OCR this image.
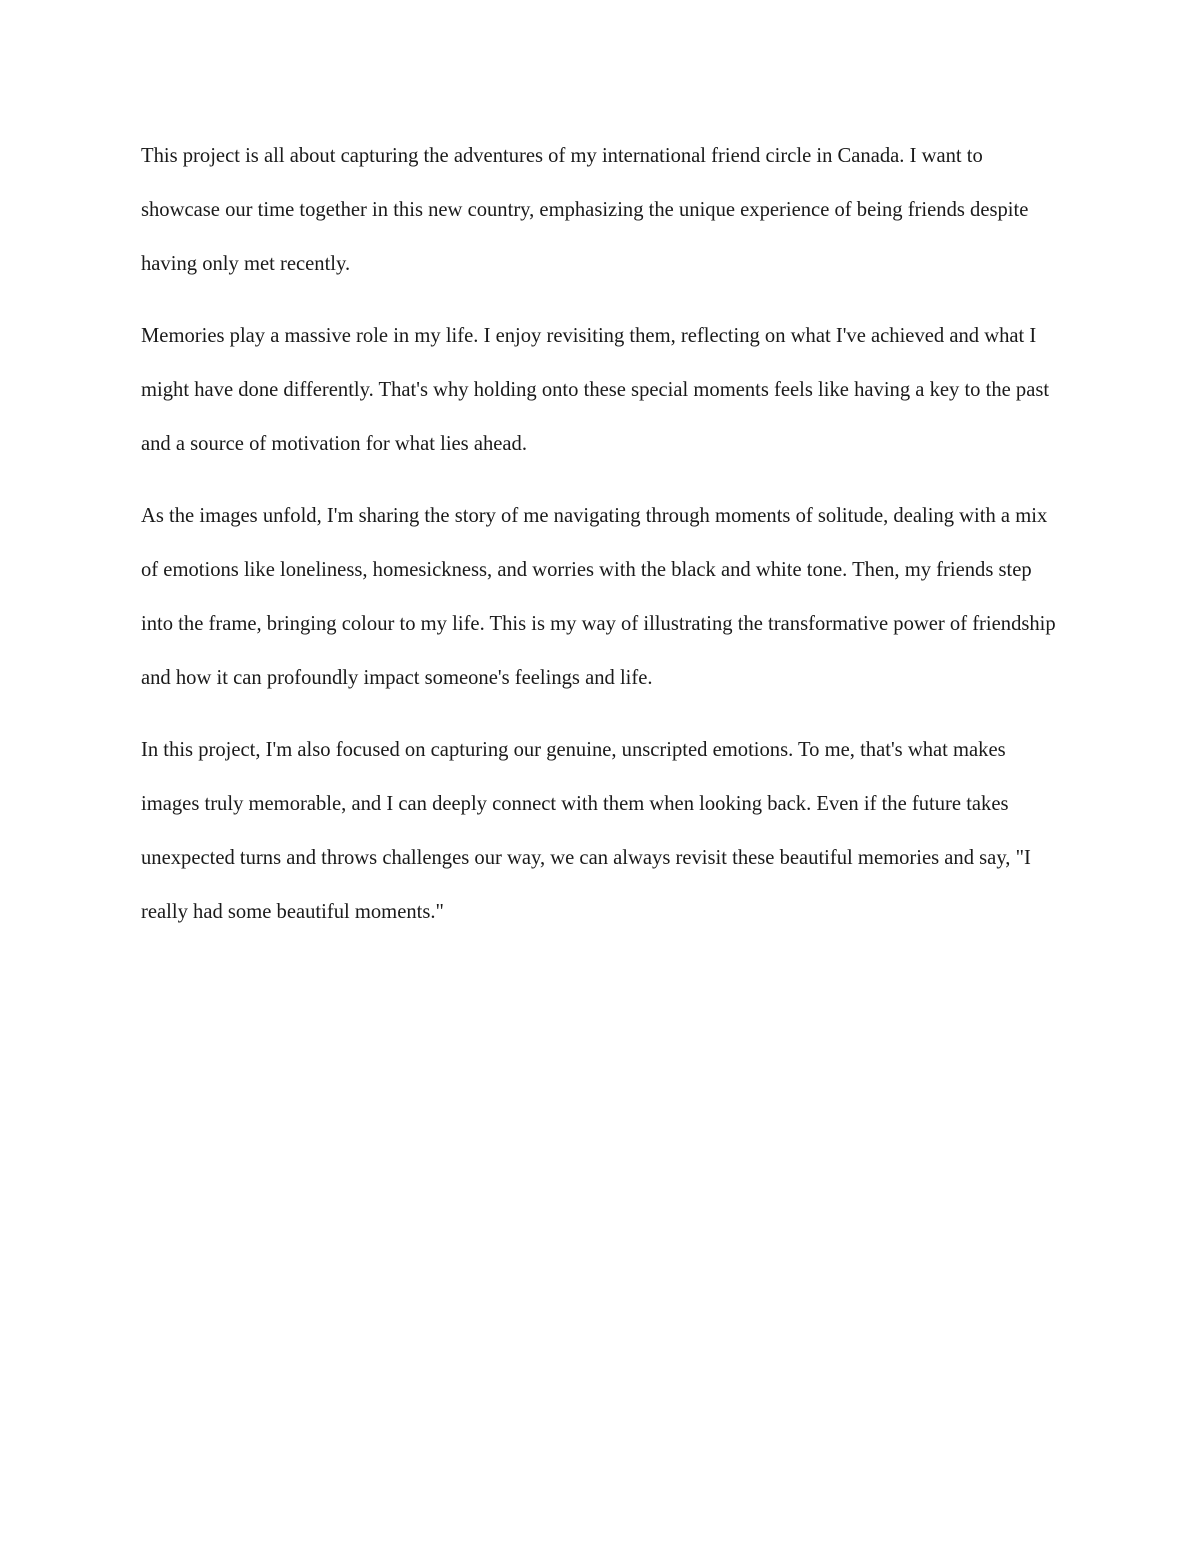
This project is all about capturing the adventures of my international friend circle in Canada. I want to showcase our time together in this new country, emphasizing the unique experience of being friends despite having only met recently.

Memories play a massive role in my life. I enjoy revisiting them, reflecting on what I've achieved and what I might have done differently. That's why holding onto these special moments feels like having a key to the past and a source of motivation for what lies ahead.

As the images unfold, I'm sharing the story of me navigating through moments of solitude, dealing with a mix of emotions like loneliness, homesickness, and worries with the black and white tone. Then, my friends step into the frame, bringing colour to my life. This is my way of illustrating the transformative power of friendship and how it can profoundly impact someone's feelings and life.

In this project, I'm also focused on capturing our genuine, unscripted emotions. To me, that's what makes images truly memorable, and I can deeply connect with them when looking back. Even if the future takes unexpected turns and throws challenges our way, we can always revisit these beautiful memories and say, "I really had some beautiful moments."
